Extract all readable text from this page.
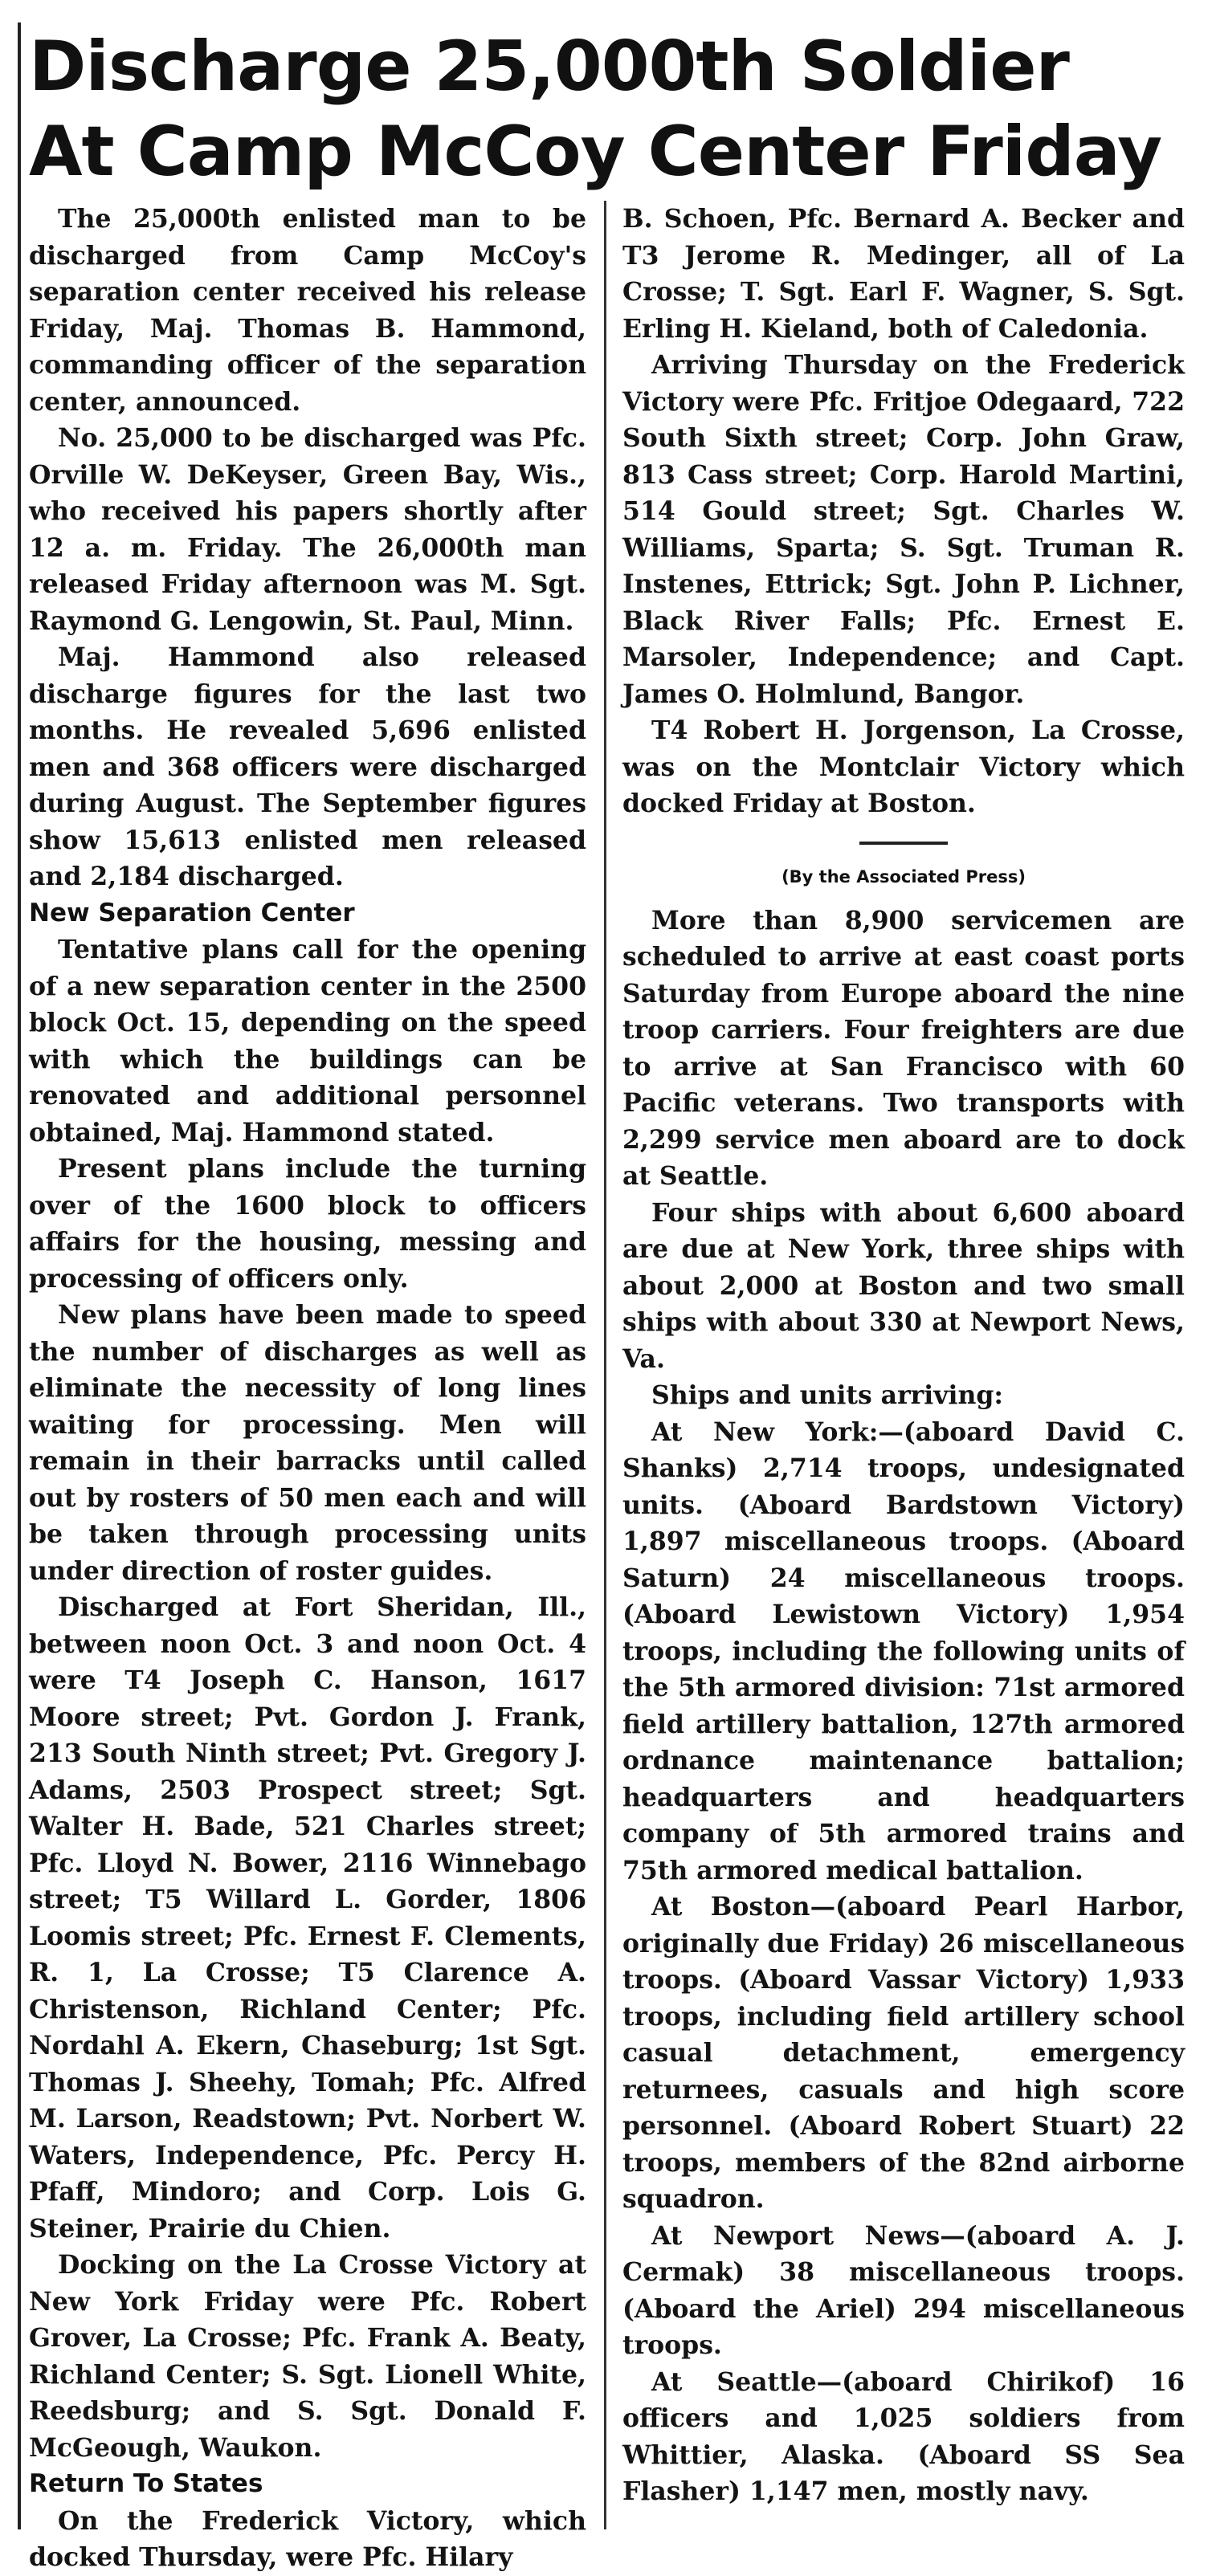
Discharge 25,000th Soldier
At Camp McCoy Center Friday

The 25,000th enlisted man to be discharged from Camp McCoy's separation center received his release Friday, Maj. Thomas B. Hammond, commanding officer of the separation center, announced.

No. 25,000 to be discharged was Pfc. Orville W. DeKeyser, Green Bay, Wis., who received his papers shortly after 12 a. m. Friday. The 26,000th man released Friday afternoon was M. Sgt. Raymond G. Lengowin, St. Paul, Minn.

Maj. Hammond also released discharge figures for the last two months. He revealed 5,696 enlisted men and 368 officers were discharged during August. The September figures show 15,613 enlisted men released and 2,184 discharged.

New Separation Center

Tentative plans call for the opening of a new separation center in the 2500 block Oct. 15, depending on the speed with which the buildings can be renovated and additional personnel obtained, Maj. Hammond stated.

Present plans include the turning over of the 1600 block to officers affairs for the housing, messing and processing of officers only.

New plans have been made to speed the number of discharges as well as eliminate the necessity of long lines waiting for processing. Men will remain in their barracks until called out by rosters of 50 men each and will be taken through processing units under direction of roster guides.

Discharged at Fort Sheridan, Ill., between noon Oct. 3 and noon Oct. 4 were T4 Joseph C. Hanson, 1617 Moore street; Pvt. Gordon J. Frank, 213 South Ninth street; Pvt. Gregory J. Adams, 2503 Prospect street; Sgt. Walter H. Bade, 521 Charles street; Pfc. Lloyd N. Bower, 2116 Winnebago street; T5 Willard L. Gorder, 1806 Loomis street; Pfc. Ernest F. Clements, R. 1, La Crosse; T5 Clarence A. Christenson, Richland Center; Pfc. Nordahl A. Ekern, Chaseburg; 1st Sgt. Thomas J. Sheehy, Tomah; Pfc. Alfred M. Larson, Readstown; Pvt. Norbert W. Waters, Independence, Pfc. Percy H. Pfaff, Mindoro; and Corp. Lois G. Steiner, Prairie du Chien.

Docking on the La Crosse Victory at New York Friday were Pfc. Robert Grover, La Crosse; Pfc. Frank A. Beaty, Richland Center; S. Sgt. Lionell White, Reedsburg; and S. Sgt. Donald F. McGeough, Waukon.

Return To States

On the Frederick Victory, which docked Thursday, were Pfc. Hilary

B. Schoen, Pfc. Bernard A. Becker and T3 Jerome R. Medinger, all of La Crosse; T. Sgt. Earl F. Wagner, S. Sgt. Erling H. Kieland, both of Caledonia.

Arriving Thursday on the Frederick Victory were Pfc. Fritjoe Odegaard, 722 South Sixth street; Corp. John Graw, 813 Cass street; Corp. Harold Martini, 514 Gould street; Sgt. Charles W. Williams, Sparta; S. Sgt. Truman R. Instenes, Ettrick; Sgt. John P. Lichner, Black River Falls; Pfc. Ernest E. Marsoler, Independence; and Capt. James O. Holmlund, Bangor.

T4 Robert H. Jorgenson, La Crosse, was on the Montclair Victory which docked Friday at Boston.

(By the Associated Press)

More than 8,900 servicemen are scheduled to arrive at east coast ports Saturday from Europe aboard the nine troop carriers. Four freighters are due to arrive at San Francisco with 60 Pacific veterans. Two transports with 2,299 service men aboard are to dock at Seattle.

Four ships with about 6,600 aboard are due at New York, three ships with about 2,000 at Boston and two small ships with about 330 at Newport News, Va.

Ships and units arriving:

At New York:—(aboard David C. Shanks) 2,714 troops, undesignated units. (Aboard Bardstown Victory) 1,897 miscellaneous troops. (Aboard Saturn) 24 miscellaneous troops. (Aboard Lewistown Victory) 1,954 troops, including the following units of the 5th armored division: 71st armored field artillery battalion, 127th armored ordnance maintenance battalion; headquarters and headquarters company of 5th armored trains and 75th armored medical battalion.

At Boston—(aboard Pearl Harbor, originally due Friday) 26 miscellaneous troops. (Aboard Vassar Victory) 1,933 troops, including field artillery school casual detachment, emergency returnees, casuals and high score personnel. (Aboard Robert Stuart) 22 troops, members of the 82nd airborne squadron.

At Newport News—(aboard A. J. Cermak) 38 miscellaneous troops. (Aboard the Ariel) 294 miscellaneous troops.

At Seattle—(aboard Chirikof) 16 officers and 1,025 soldiers from Whittier, Alaska. (Aboard SS Sea Flasher) 1,147 men, mostly navy.
